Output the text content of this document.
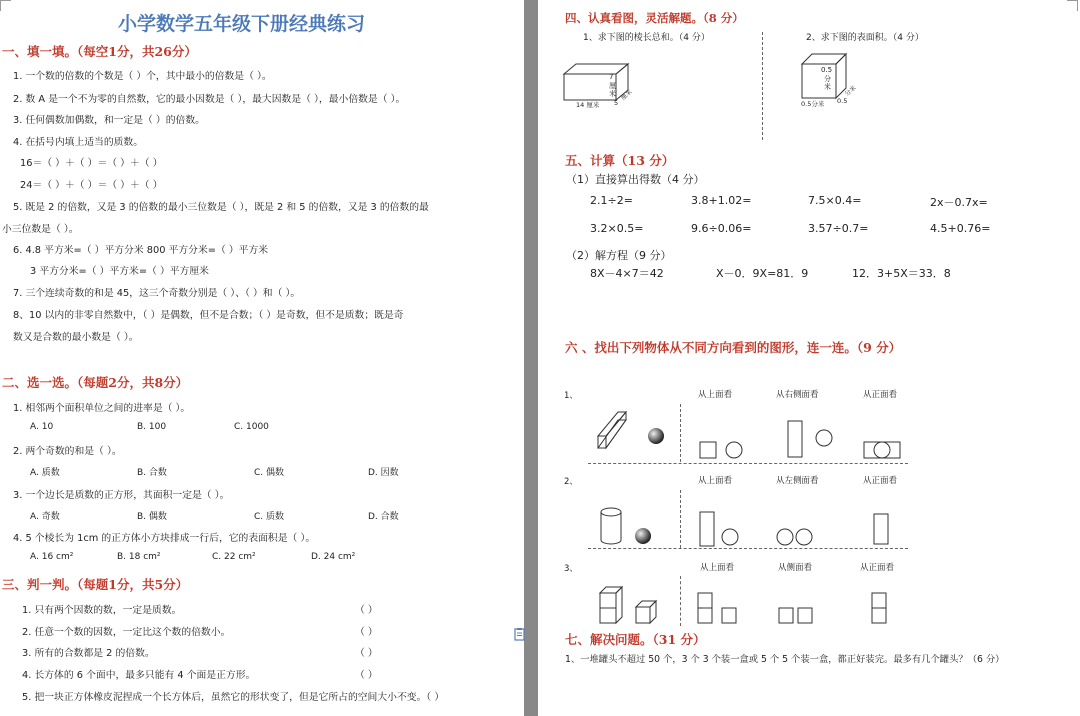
小学数学五年级下册经典练习
一、填一填。（每空1分，共26分）
1. 一个数的倍数的个数是（ ）个，其中最小的倍数是（ ）。
2. 数 A 是一个不为零的自然数，它的最小因数是（ ），最大因数是（ ），最小倍数是（ ）。
3. 任何偶数加偶数，和一定是（ ）的倍数。
4. 在括号内填上适当的质数。
16＝（ ）＋（ ）＝（ ）＋（ ）
24＝（ ）＋（ ）＝（ ）＋（ ）
5. 既是 2 的倍数，又是 3 的倍数的最小三位数是（ ），既是 2 和 5 的倍数，又是 3 的倍数的最
小三位数是（ ）。
6. 4.8 平方米=（ ）平方分米 800 平方分米=（ ）平方米
3 平方分米=（ ）平方米=（ ）平方厘米
7. 三个连续奇数的和是 45，这三个奇数分别是（ ）、（ ）和（ ）。
8、10 以内的非零自然数中，（ ）是偶数，但不是合数；（ ）是奇数，但不是质数；既是奇
数又是合数的最小数是（ ）。
二、选一选。（每题2分，共8分）
1. 相邻两个面积单位之间的进率是（ ）。
A. 10	B. 100	C. 1000
2. 两个奇数的和是（ ）。
A. 质数	B. 合数	C. 偶数	D. 因数
3. 一个边长是质数的正方形，其面积一定是（ ）。
A. 奇数	B. 偶数	C. 质数	D. 合数
4. 5 个棱长为 1cm 的正方体小方块排成一行后，它的表面积是（ ）。
A. 16 cm²	B. 18 cm²	C. 22 cm²	D. 24 cm²
三、判一判。（每题1分，共5分）
1. 只有两个因数的数，一定是质数。	（ ）
2. 任意一个数的因数，一定比这个数的倍数小。	（ ）
3. 所有的合数都是 2 的倍数。	（ ）
4. 长方体的 6 个面中，最多只能有 4 个面是正方形。	（ ）
5. 把一块正方体橡皮泥捏成一个长方体后，虽然它的形状变了，但是它所占的空间大小不变。（ ）
四、认真看图，灵活解题。（8 分）
1、求下图的棱长总和。（4 分）	2、求下图的表面积。（4 分）
7
厘
米
14 厘米 5
厘米
0.5
分
米
0.5分米 0.5
分米
五、计算（13 分）
（1）直接算出得数（4 分）
2.1÷2=	3.8+1.02=	7.5×0.4=	2x－0.7x=
3.2×0.5=	9.6÷0.06=	3.57÷0.7=	4.5+0.76=
（2）解方程（9 分）
8X－4×7＝42	X－0．9X=81．9	12．3+5X＝33．8
六 、找出下列物体从不同方向看到的图形，连一连。（9 分）
1、	从上面看	从右侧面看	从正面看
2、	从上面看	从左侧面看	从正面看
3、	从上面看	从侧面看	从正面看
七、解决问题。（31 分）
1、一堆罐头不超过 50 个，3 个 3 个装一盒或 5 个 5 个装一盒，都正好装完。最多有几个罐头？（6 分）
